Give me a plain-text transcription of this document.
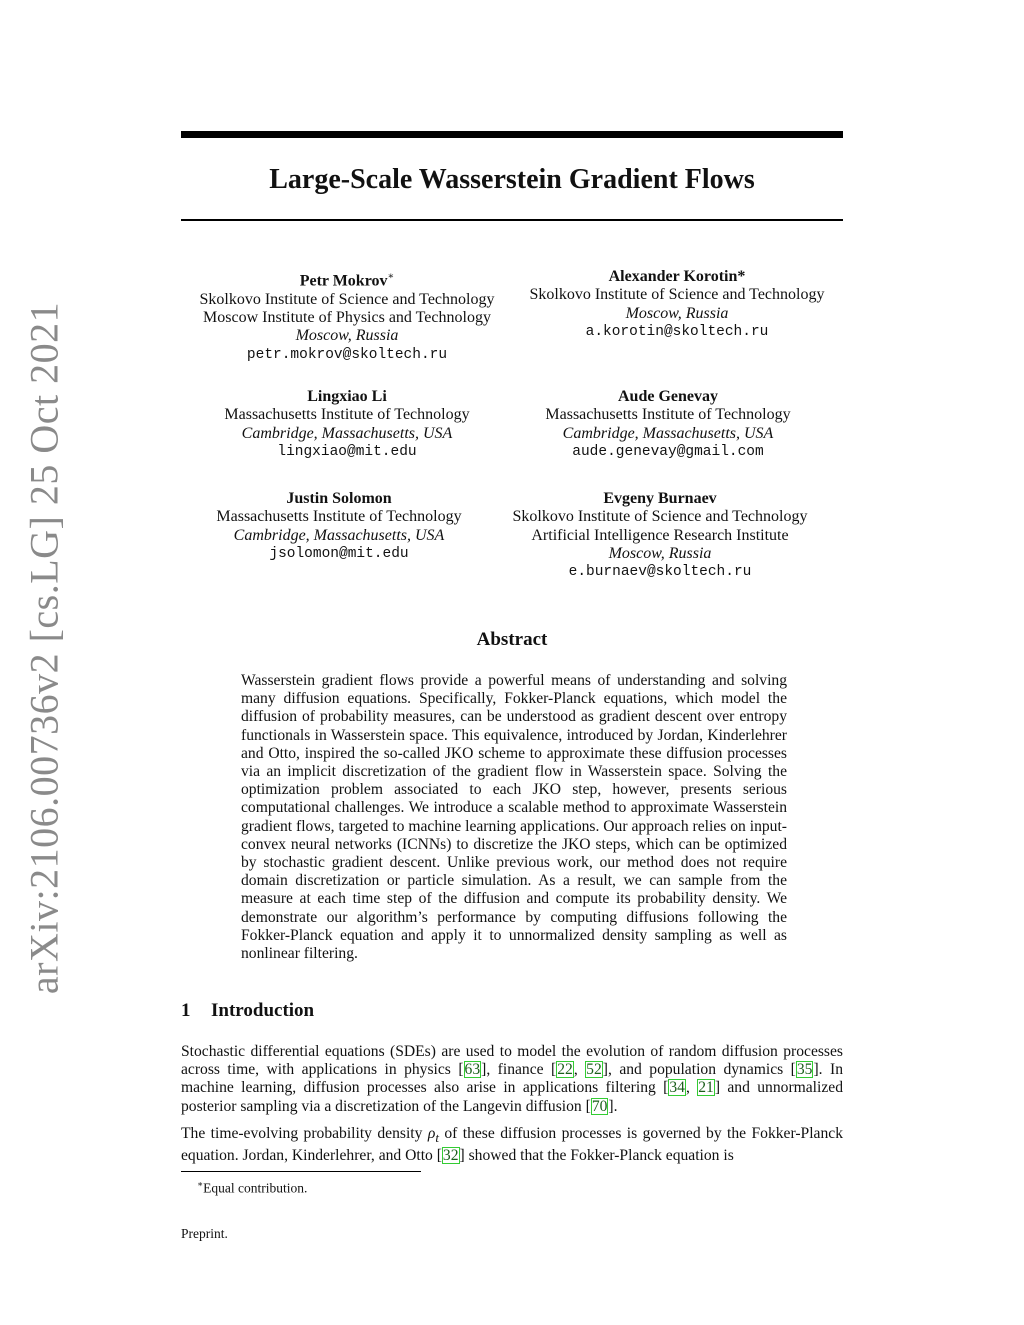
arXiv:2106.00736v2 [cs.LG] 25 Oct 2021
Large-Scale Wasserstein Gradient Flows
Petr Mokrov∗
Skolkovo Institute of Science and Technology
Moscow Institute of Physics and Technology
Moscow, Russia
petr.mokrov@skoltech.ru
Alexander Korotin*
Skolkovo Institute of Science and Technology
Moscow, Russia
a.korotin@skoltech.ru
Lingxiao Li
Massachusetts Institute of Technology
Cambridge, Massachusetts, USA
lingxiao@mit.edu
Aude Genevay
Massachusetts Institute of Technology
Cambridge, Massachusetts, USA
aude.genevay@gmail.com
Justin Solomon
Massachusetts Institute of Technology
Cambridge, Massachusetts, USA
jsolomon@mit.edu
Evgeny Burnaev
Skolkovo Institute of Science and Technology
Artificial Intelligence Research Institute
Moscow, Russia
e.burnaev@skoltech.ru
Abstract

Wasserstein gradient flows provide a powerful means of understanding and solving many diffusion equations. Specifically, Fokker-Planck equations, which model the diffusion of probability measures, can be understood as gradient descent over entropy functionals in Wasserstein space. This equivalence, introduced by Jordan, Kinderlehrer and Otto, inspired the so-called JKO scheme to approximate these diffusion processes via an implicit discretization of the gradient flow in Wasserstein space. Solving the optimization problem associated to each JKO step, however, presents serious computational challenges. We introduce a scalable method to approximate Wasserstein gradient flows, targeted to machine learning applications. Our approach relies on input-convex neural networks (ICNNs) to discretize the JKO steps, which can be optimized by stochastic gradient descent. Unlike previous work, our method does not require domain discretization or particle simulation. As a result, we can sample from the measure at each time step of the diffusion and compute its probability density. We demonstrate our algorithm’s performance by computing diffusions following the Fokker-Planck equation and apply it to unnormalized density sampling as well as nonlinear filtering.

1 Introduction

Stochastic differential equations (SDEs) are used to model the evolution of random diffusion processes across time, with applications in physics [63], finance [22, 52], and population dynamics [35]. In machine learning, diffusion processes also arise in applications filtering [34, 21] and unnormalized posterior sampling via a discretization of the Langevin diffusion [70].

The time-evolving probability density $\rho_t$ of these diffusion processes is governed by the Fokker-Planck equation. Jordan, Kinderlehrer, and Otto [32] showed that the Fokker-Planck equation is

∗Equal contribution.
Preprint.
